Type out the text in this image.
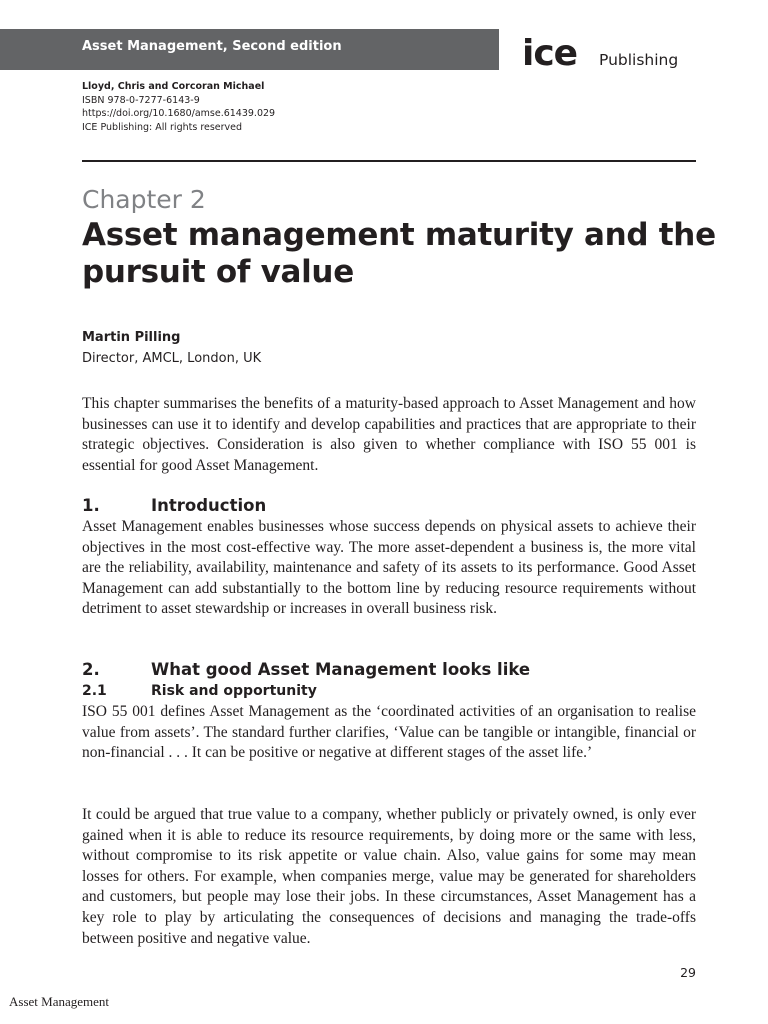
Asset Management, Second edition	ice Publishing
Lloyd, Chris and Corcoran Michael
ISBN 978-0-7277-6143-9
https://doi.org/10.1680/amse.61439.029
ICE Publishing: All rights reserved
Chapter 2
Asset management maturity and the pursuit of value
Martin Pilling
Director, AMCL, London, UK

This chapter summarises the benefits of a maturity-based approach to Asset Management and how businesses can use it to identify and develop capabilities and practices that are appropriate to their strategic objectives. Consideration is also given to whether compliance with ISO 55 001 is essential for good Asset Management.

1.	Introduction

Asset Management enables businesses whose success depends on physical assets to achieve their objectives in the most cost-effective way. The more asset-dependent a business is, the more vital are the reliability, availability, maintenance and safety of its assets to its performance. Good Asset Management can add substantially to the bottom line by reducing resource requirements without detriment to asset stewardship or increases in overall business risk.

2.	What good Asset Management looks like
2.1	Risk and opportunity

ISO 55 001 defines Asset Management as the ‘coordinated activities of an organisation to realise value from assets’. The standard further clarifies, ‘Value can be tangible or intangible, financial or non-financial . . . It can be positive or negative at different stages of the asset life.’

It could be argued that true value to a company, whether publicly or privately owned, is only ever gained when it is able to reduce its resource requirements, by doing more or the same with less, without compromise to its risk appetite or value chain. Also, value gains for some may mean losses for others. For example, when companies merge, value may be generated for shareholders and customers, but people may lose their jobs. In these circumstances, Asset Management has a key role to play by articulating the consequences of decisions and managing the trade-offs between positive and negative value.

29
Asset Management
